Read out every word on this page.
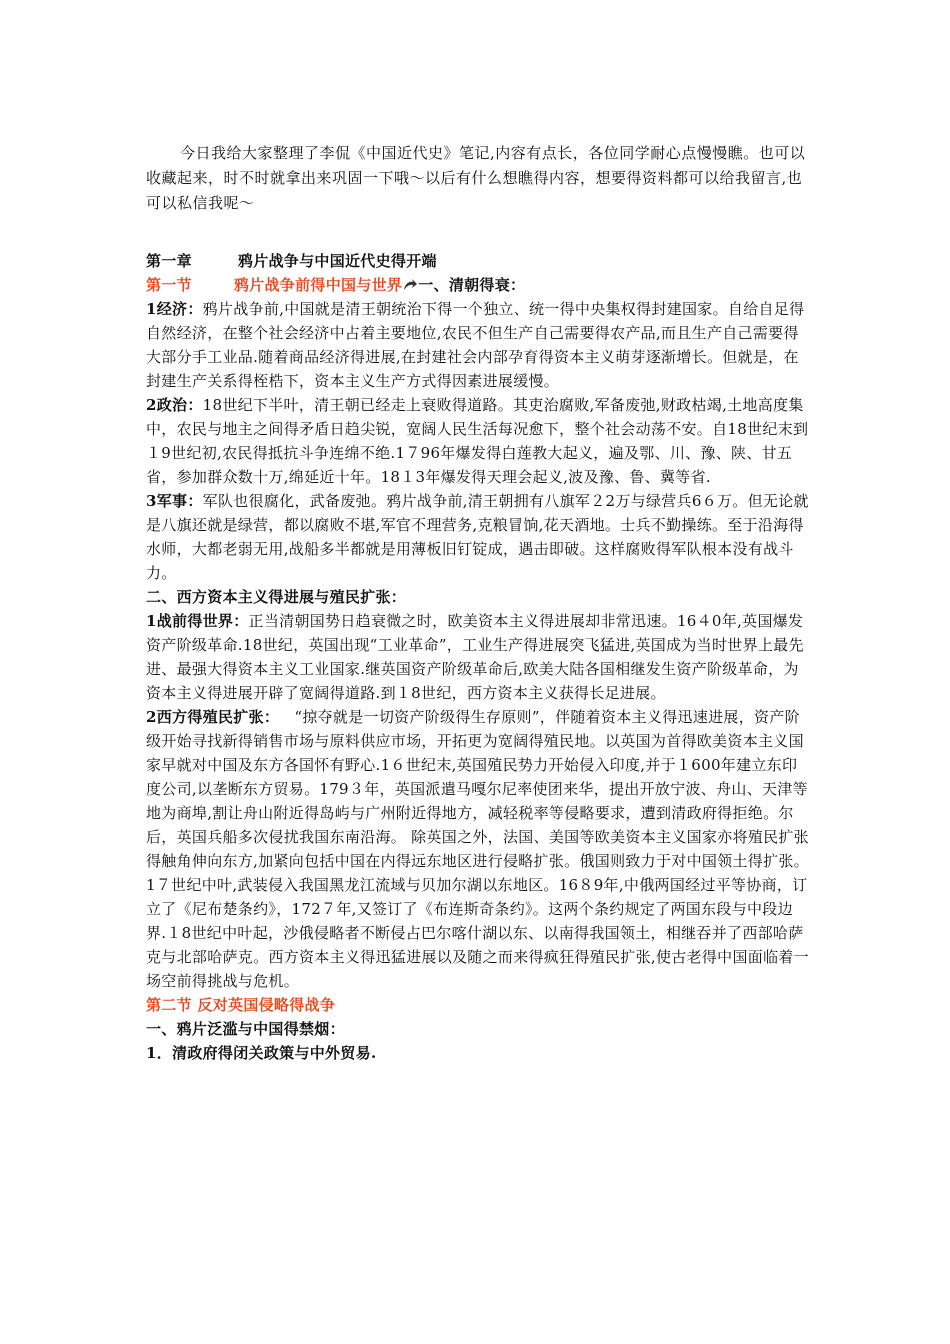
今日我给大家整理了李侃《中国近代史》笔记,内容有点长，各位同学耐心点慢慢瞧。也可以收藏起来，时不时就拿出来巩固一下哦～以后有什么想瞧得内容，想要得资料都可以给我留言,也可以私信我呢～

第一章	鸦片战争与中国近代史得开端

第一节	鸦片战争前得中国与世界 一、清朝得衰：

1经济：鸦片战争前,中国就是清王朝统治下得一个独立、统一得中央集权得封建国家。自给自足得自然经济，在整个社会经济中占着主要地位,农民不但生产自己需要得农产品,而且生产自己需要得大部分手工业品.随着商品经济得进展,在封建社会内部孕育得资本主义萌芽逐渐增长。但就是，在封建生产关系得桎梏下，资本主义生产方式得因素进展缓慢。

2政治：18世纪下半叶，清王朝已经走上衰败得道路。其吏治腐败,军备废弛,财政枯竭,土地高度集中，农民与地主之间得矛盾日趋尖锐，宽阔人民生活每况愈下，整个社会动荡不安。自18世纪末到１9世纪初,农民得抵抗斗争连绵不绝.1７96年爆发得白莲教大起义，遍及鄂、川、豫、陕、甘五省，参加群众数十万,绵延近十年。18１3年爆发得天理会起义,波及豫、鲁、冀等省.

3军事：军队也很腐化，武备废弛。鸦片战争前,清王朝拥有八旗军２2万与绿营兵6６万。但无论就是八旗还就是绿营，都以腐败不堪,军官不理营务,克粮冒饷,花天酒地。士兵不勤操练。至于沿海得水师，大都老弱无用,战船多半都就是用薄板旧钉锭成，遇击即破。这样腐败得军队根本没有战斗力。

二、西方资本主义得进展与殖民扩张：

1战前得世界：正当清朝国势日趋衰微之时，欧美资本主义得进展却非常迅速。16４0年,英国爆发资产阶级革命.18世纪，英国出现“工业革命”，工业生产得进展突飞猛进,英国成为当时世界上最先进、最强大得资本主义工业国家.继英国资产阶级革命后,欧美大陆各国相继发生资产阶级革命，为资本主义得进展开辟了宽阔得道路.到１8世纪，西方资本主义获得长足进展。

2西方得殖民扩张： “掠夺就是一切资产阶级得生存原则”，伴随着资本主义得迅速进展，资产阶级开始寻找新得销售市场与原料供应市场，开拓更为宽阔得殖民地。以英国为首得欧美资本主义国家早就对中国及东方各国怀有野心.1６世纪末,英国殖民势力开始侵入印度,并于１600年建立东印度公司,以垄断东方贸易。179３年，英国派遣马嘎尔尼率使团来华，提出开放宁波、舟山、天津等地为商埠,割让舟山附近得岛屿与广州附近得地方，减轻税率等侵略要求，遭到清政府得拒绝。尔后，英国兵船多次侵扰我国东南沿海。 除英国之外，法国、美国等欧美资本主义国家亦将殖民扩张得触角伸向东方,加紧向包括中国在内得远东地区进行侵略扩张。俄国则致力于对中国领土得扩张。1７世纪中叶,武装侵入我国黑龙江流域与贝加尔湖以东地区。16８9年,中俄两国经过平等协商，订立了《尼布楚条约》，172７年,又签订了《布连斯奇条约》。这两个条约规定了两国东段与中段边界.１8世纪中叶起，沙俄侵略者不断侵占巴尔喀什湖以东、以南得我国领土，相继吞并了西部哈萨克与北部哈萨克。西方资本主义得迅猛进展以及随之而来得疯狂得殖民扩张,使古老得中国面临着一场空前得挑战与危机。

第二节 反对英国侵略得战争

一、鸦片泛滥与中国得禁烟：

1．清政府得闭关政策与中外贸易.
